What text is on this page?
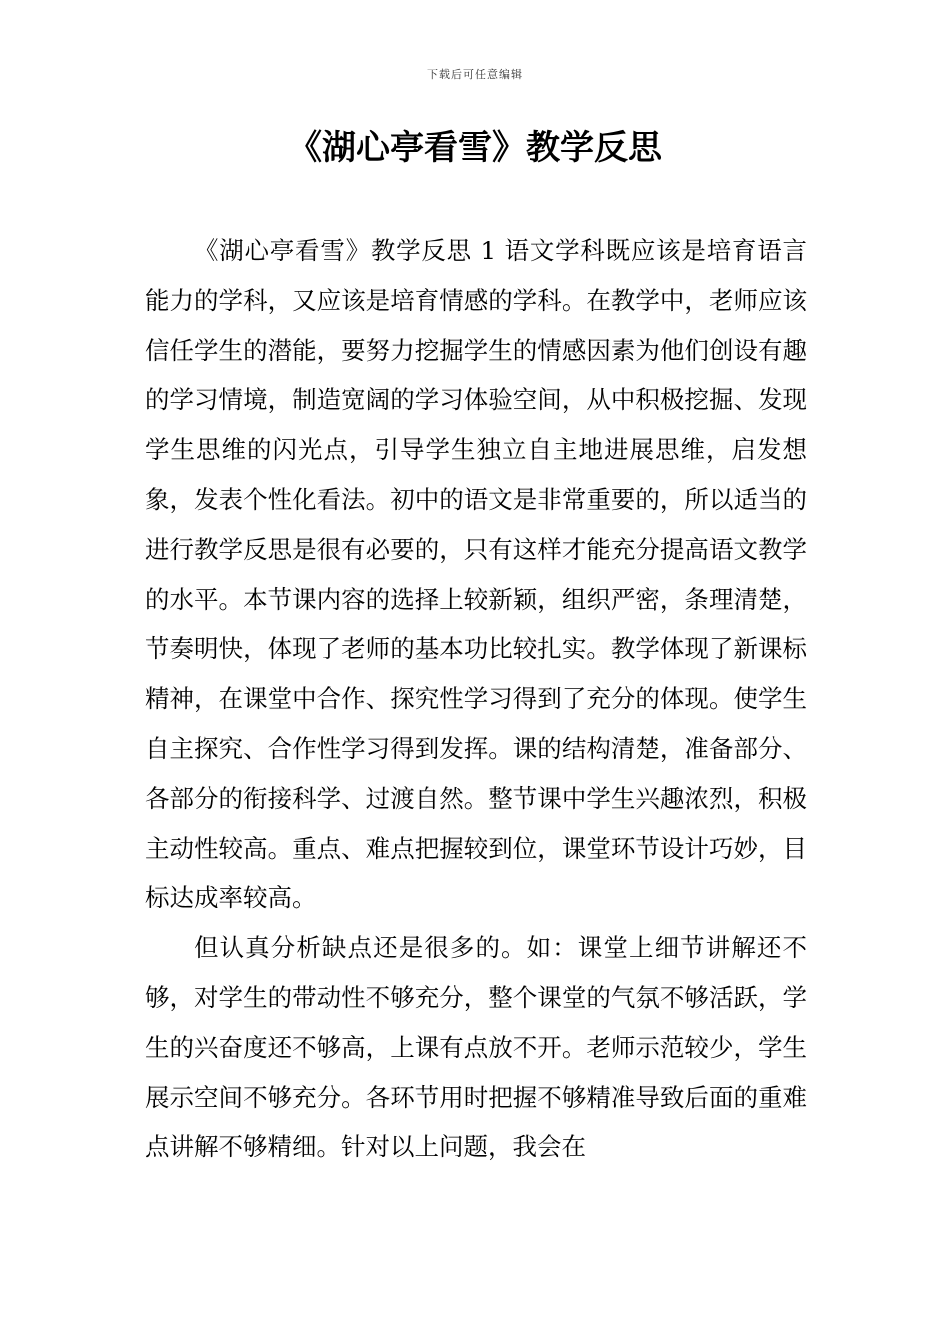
下载后可任意编辑
《湖心亭看雪》教学反思

《湖心亭看雪》教学反思 1 语文学科既应该是培育语言能力的学科，又应该是培育情感的学科。在教学中，老师应该信任学生的潜能，要努力挖掘学生的情感因素为他们创设有趣的学习情境，制造宽阔的学习体验空间，从中积极挖掘、发现学生思维的闪光点，引导学生独立自主地进展思维，启发想象，发表个性化看法。初中的语文是非常重要的，所以适当的进行教学反思是很有必要的，只有这样才能充分提高语文教学的水平。本节课内容的选择上较新颖，组织严密，条理清楚，节奏明快，体现了老师的基本功比较扎实。教学体现了新课标精神，在课堂中合作、探究性学习得到了充分的体现。使学生自主探究、合作性学习得到发挥。课的结构清楚，准备部分、各部分的衔接科学、过渡自然。整节课中学生兴趣浓烈，积极主动性较高。重点、难点把握较到位，课堂环节设计巧妙，目标达成率较高。

但认真分析缺点还是很多的。如：课堂上细节讲解还不够，对学生的带动性不够充分，整个课堂的气氛不够活跃，学生的兴奋度还不够高，上课有点放不开。老师示范较少，学生展示空间不够充分。各环节用时把握不够精准导致后面的重难点讲解不够精细。针对以上问题，我会在
